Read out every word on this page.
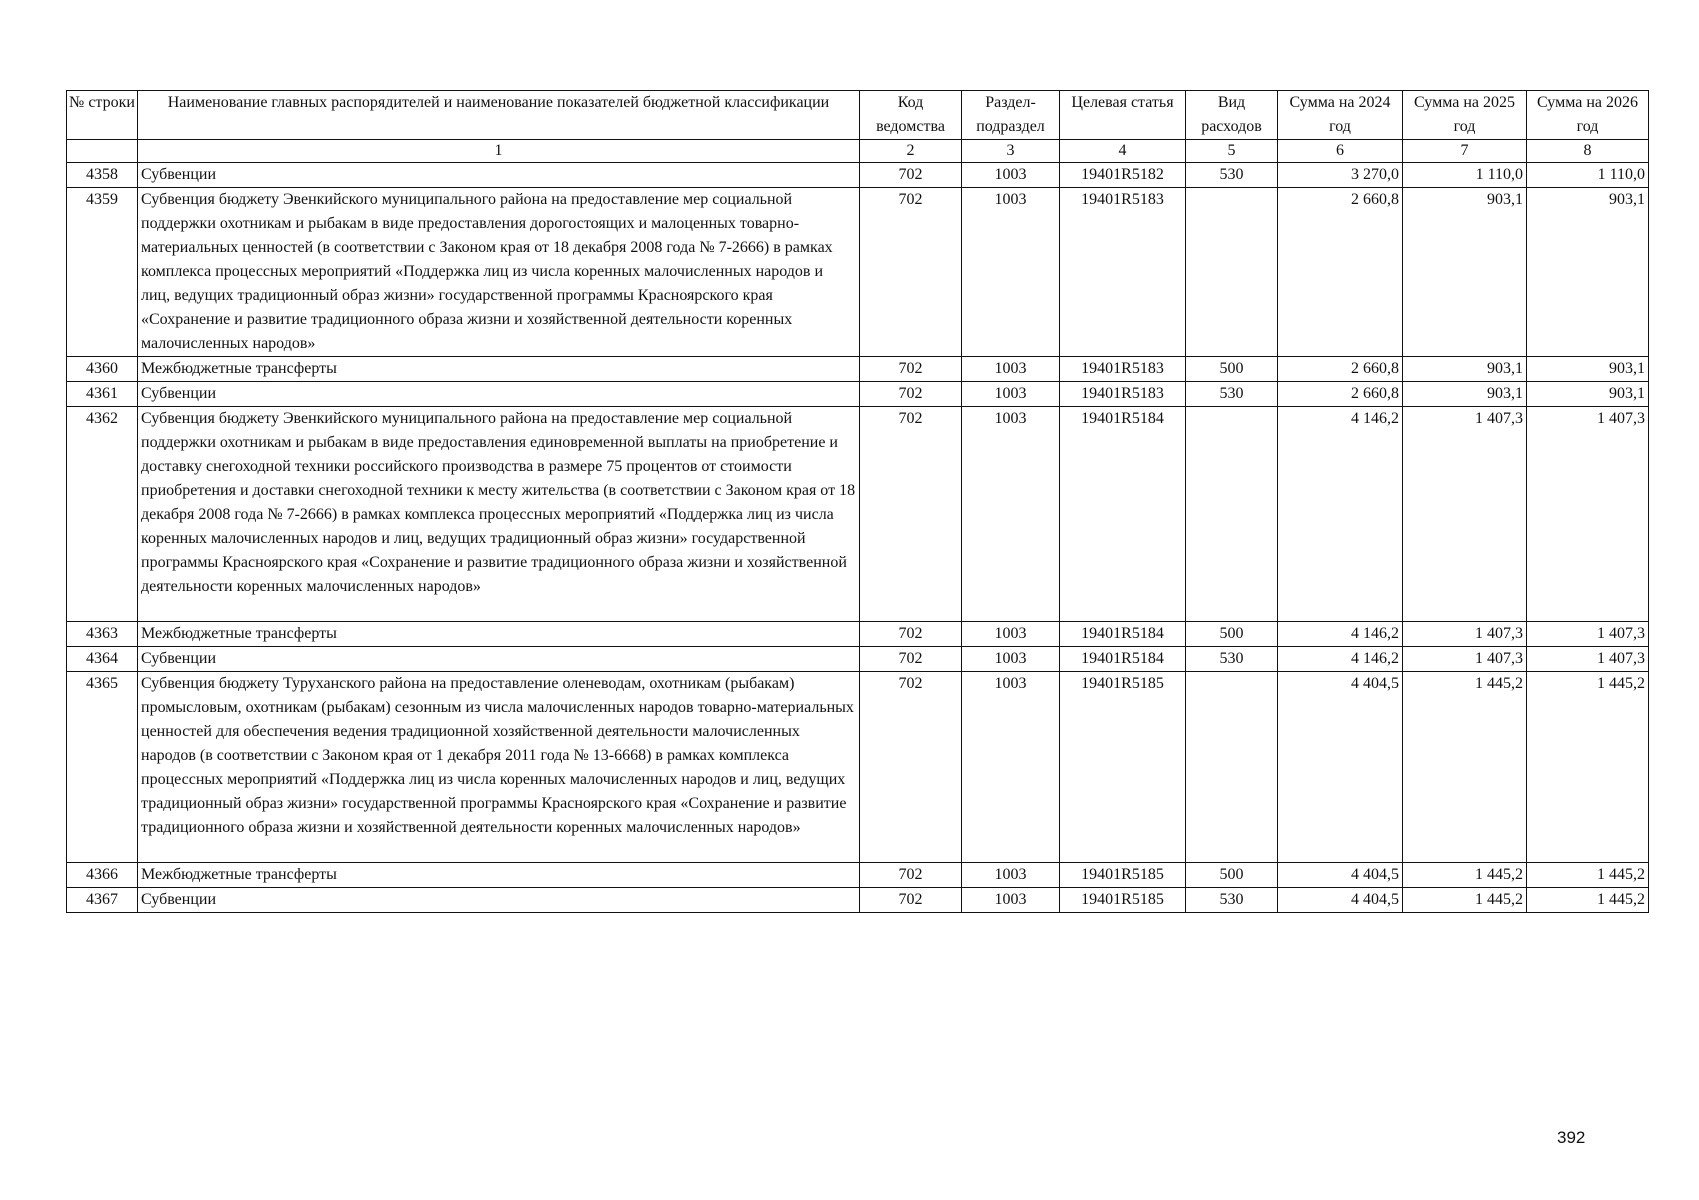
№ строки	Наименование главных распорядителей и наименование показателей бюджетной классификации	Код ведомства	Раздел-подраздел	Целевая статья	Вид расходов	Сумма на 2024 год	Сумма на 2025 год	Сумма на 2026 год
	1	2	3	4	5	6	7	8
4358	Субвенции	702	1003	19401R5182	530	3 270,0	1 110,0	1 110,0
4359	Субвенция бюджету Эвенкийского муниципального района на предоставление мер социальной поддержки охотникам и рыбакам в виде предоставления дорогостоящих и малоценных товарно-материальных ценностей (в соответствии с Законом края от 18 декабря 2008 года № 7-2666) в рамках комплекса процессных мероприятий «Поддержка лиц из числа коренных малочисленных народов и лиц, ведущих традиционный образ жизни» государственной программы Красноярского края «Сохранение и развитие традиционного образа жизни и хозяйственной деятельности коренных малочисленных народов»	702	1003	19401R5183		2 660,8	903,1	903,1
4360	Межбюджетные трансферты	702	1003	19401R5183	500	2 660,8	903,1	903,1
4361	Субвенции	702	1003	19401R5183	530	2 660,8	903,1	903,1
4362	Субвенция бюджету Эвенкийского муниципального района на предоставление мер социальной поддержки охотникам и рыбакам в виде предоставления единовременной выплаты на приобретение и доставку снегоходной техники российского производства в размере 75 процентов от стоимости приобретения и доставки снегоходной техники к месту жительства (в соответствии с Законом края от 18 декабря 2008 года № 7-2666) в рамках комплекса процессных мероприятий «Поддержка лиц из числа коренных малочисленных народов и лиц, ведущих традиционный образ жизни» государственной программы Красноярского края «Сохранение и развитие традиционного образа жизни и хозяйственной деятельности коренных малочисленных народов»	702	1003	19401R5184		4 146,2	1 407,3	1 407,3
4363	Межбюджетные трансферты	702	1003	19401R5184	500	4 146,2	1 407,3	1 407,3
4364	Субвенции	702	1003	19401R5184	530	4 146,2	1 407,3	1 407,3
4365	Субвенция бюджету Туруханского района на предоставление оленеводам, охотникам (рыбакам) промысловым, охотникам (рыбакам) сезонным из числа малочисленных народов товарно-материальных ценностей для обеспечения ведения традиционной хозяйственной деятельности малочисленных народов (в соответствии с Законом края от 1 декабря 2011 года № 13-6668) в рамках комплекса процессных мероприятий «Поддержка лиц из числа коренных малочисленных народов и лиц, ведущих традиционный образ жизни» государственной программы Красноярского края «Сохранение и развитие традиционного образа жизни и хозяйственной деятельности коренных малочисленных народов»	702	1003	19401R5185		4 404,5	1 445,2	1 445,2
4366	Межбюджетные трансферты	702	1003	19401R5185	500	4 404,5	1 445,2	1 445,2
4367	Субвенции	702	1003	19401R5185	530	4 404,5	1 445,2	1 445,2
392
